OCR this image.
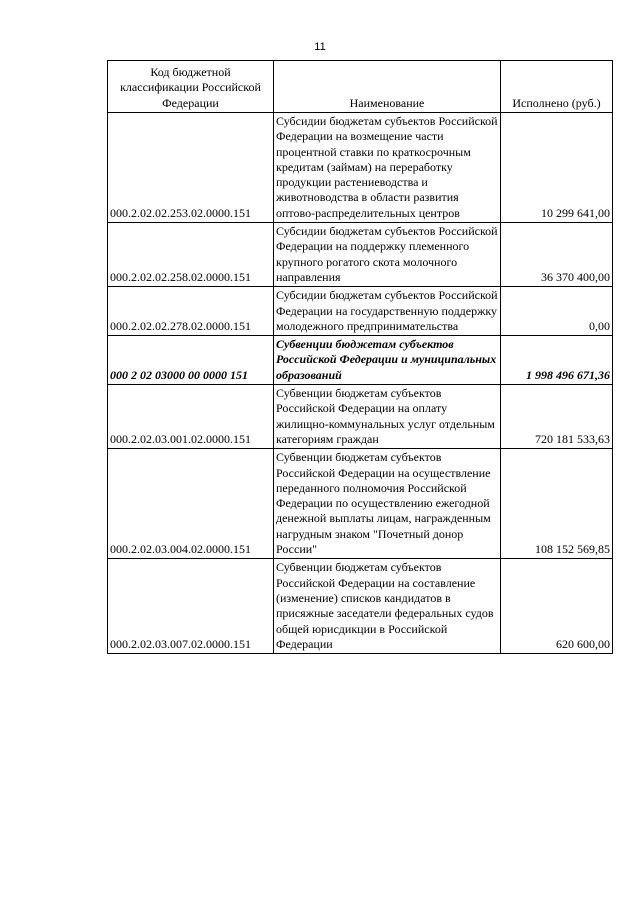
11
Код бюджетной классификации Российской Федерации	Наименование	Исполнено (руб.)
000.2.02.02.253.02.0000.151	Субсидии бюджетам субъектов Российской Федерации на возмещение части процентной ставки по краткосрочным кредитам (займам) на переработку продукции растениеводства и животноводства в области развития оптово-распределительных центров	10 299 641,00
000.2.02.02.258.02.0000.151	Субсидии бюджетам субъектов Российской Федерации на поддержку племенного крупного рогатого скота молочного направления	36 370 400,00
000.2.02.02.278.02.0000.151	Субсидии бюджетам субъектов Российской Федерации на государственную поддержку молодежного предпринимательства	0,00
000 2 02 03000 00 0000 151	Субвенции бюджетам субъектов Российской Федерации и муниципальных образований	1 998 496 671,36
000.2.02.03.001.02.0000.151	Субвенции бюджетам субъектов Российской Федерации на оплату жилищно-коммунальных услуг отдельным категориям граждан	720 181 533,63
000.2.02.03.004.02.0000.151	Субвенции бюджетам субъектов Российской Федерации на осуществление переданного полномочия Российской Федерации по осуществлению ежегодной денежной выплаты лицам, награжденным нагрудным знаком "Почетный донор России"	108 152 569,85
000.2.02.03.007.02.0000.151	Субвенции бюджетам субъектов Российской Федерации на составление (изменение) списков кандидатов в присяжные заседатели федеральных судов общей юрисдикции в Российской Федерации	620 600,00
